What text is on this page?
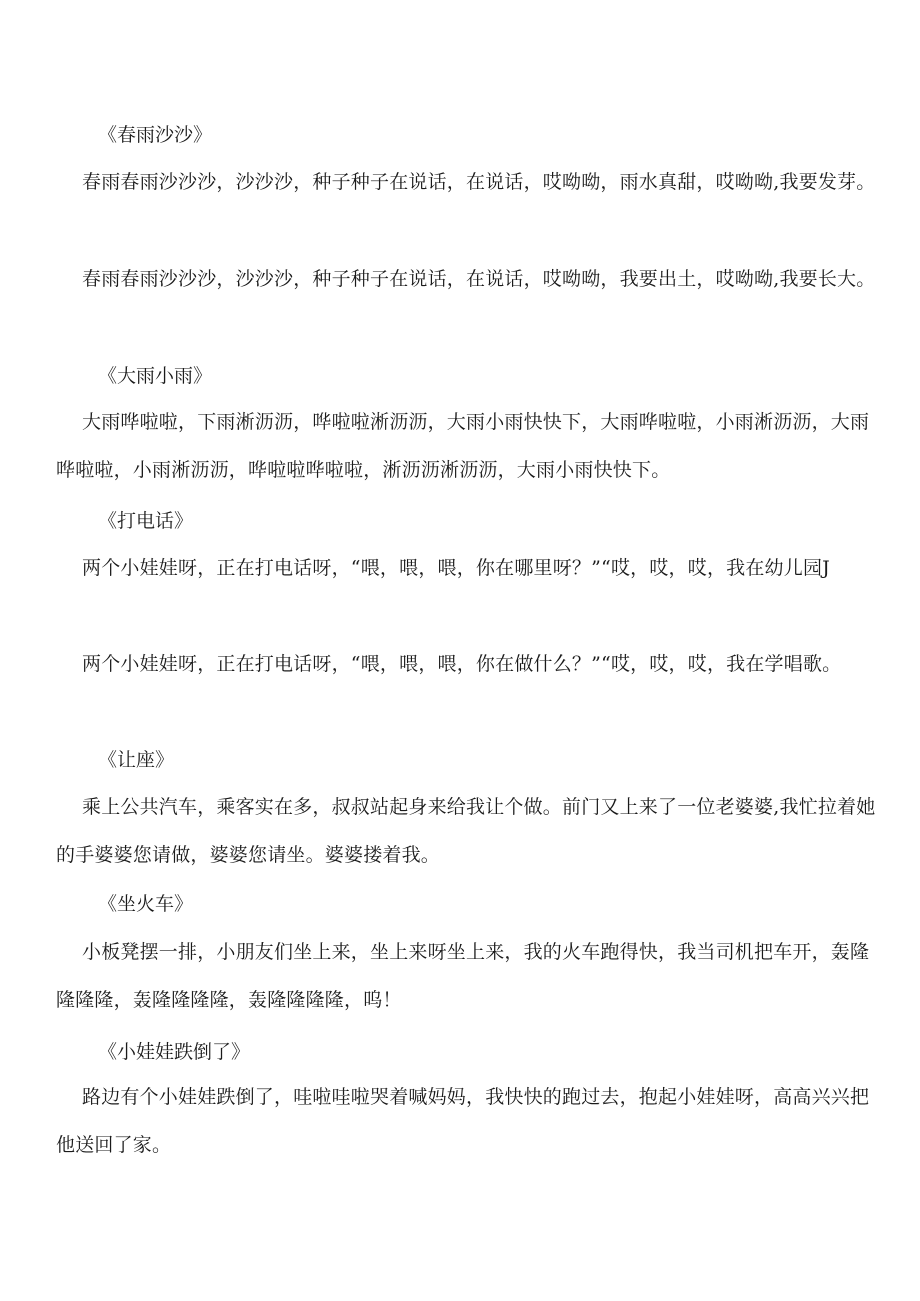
《春雨沙沙》
春雨春雨沙沙沙，沙沙沙，种子种子在说话，在说话，哎呦呦，雨水真甜，哎呦呦,我要发芽。
春雨春雨沙沙沙，沙沙沙，种子种子在说话，在说话，哎呦呦，我要出土，哎呦呦,我要长大。
《大雨小雨》
大雨哗啦啦，下雨淅沥沥，哗啦啦淅沥沥，大雨小雨快快下，大雨哗啦啦，小雨淅沥沥，大雨哗啦啦，小雨淅沥沥，哗啦啦哗啦啦，淅沥沥淅沥沥，大雨小雨快快下。
《打电话》
两个小娃娃呀，正在打电话呀，“喂，喂，喂，你在哪里呀？”“哎，哎，哎，我在幼儿园J
两个小娃娃呀，正在打电话呀，“喂，喂，喂，你在做什么？”“哎，哎，哎，我在学唱歌。
《让座》
乘上公共汽车，乘客实在多，叔叔站起身来给我让个做。前门又上来了一位老婆婆,我忙拉着她的手婆婆您请做，婆婆您请坐。婆婆搂着我。
《坐火车》
小板凳摆一排，小朋友们坐上来，坐上来呀坐上来，我的火车跑得快，我当司机把车开，轰隆隆隆隆，轰隆隆隆隆，轰隆隆隆隆，呜！
《小娃娃跌倒了》
路边有个小娃娃跌倒了，哇啦哇啦哭着喊妈妈，我快快的跑过去，抱起小娃娃呀，高高兴兴把他送回了家。
